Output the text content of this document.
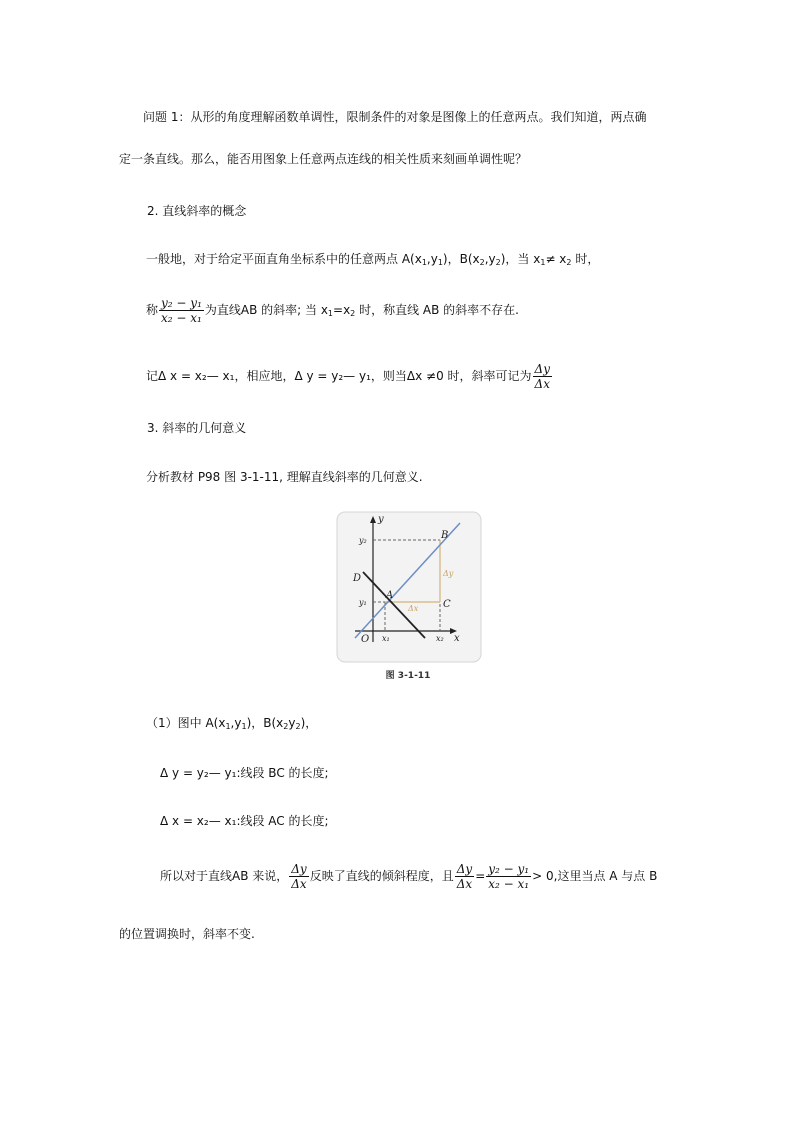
问题 1：从形的角度理解函数单调性，限制条件的对象是图像上的任意两点。我们知道，两点确
定一条直线。那么，能否用图象上任意两点连线的相关性质来刻画单调性呢？
2. 直线斜率的概念
一般地，对于给定平面直角坐标系中的任意两点 $A(x_1,y_1)$，$B(x_2,y_2)$，当 $x_1\ne x_2$ 时，
称 $\frac{\text{y₂ − y₁}}{\text{x₂ − x₁}}$ 为直线AB 的斜率; 当 $x_1=x_2$ 时，称直线 AB 的斜率不存在.
记Δ x = x₂— x₁，相应地，Δ y = y₂— y₁，则当Δx ≠0 时，斜率可记为 $\frac{\Delta y}{\Delta x}$
3. 斜率的几何意义
分析教材 P98 图 3-1-11, 理解直线斜率的几何意义.
y
x
O
A
B
C
D
y₂
y₁
x₁	x₂
Δy
Δx
图 3-1-11
（1）图中 $A(x_1,y_1)$，$B(x_2y_2)$，
Δ y = y₂— y₁:线段 BC 的长度;
Δ x = x₂— x₁:线段 AC 的长度;
所以对于直线AB 来说， $\frac{\Delta y}{\Delta x}$ 反映了直线的倾斜程度，且 $\frac{\Delta y}{\Delta x} = \frac{\text{y₂ − y₁}}{\text{x₂ − x₁}} > 0$,这里当点 A 与点 B
的位置调换时，斜率不变.
